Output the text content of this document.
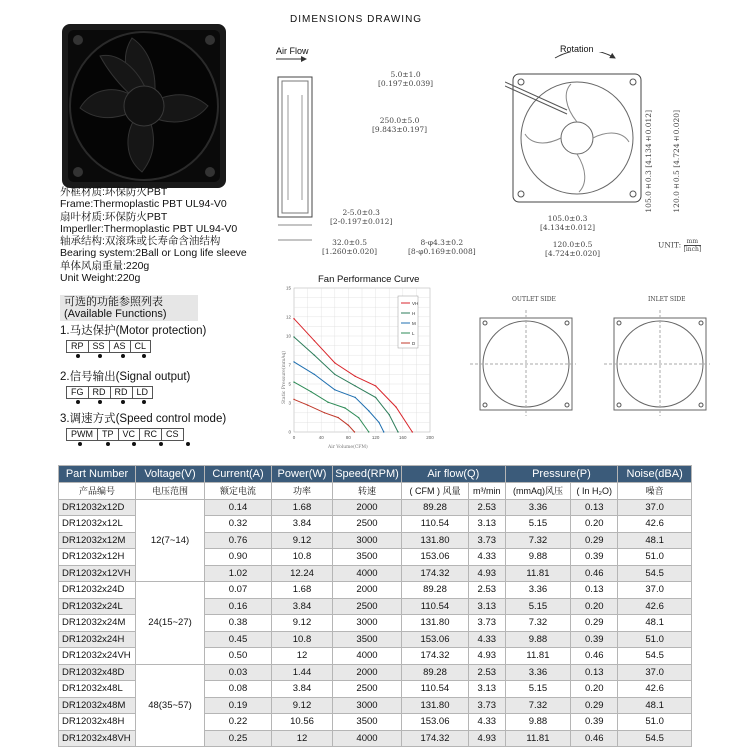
外框材质:环保防火PBT
Frame:Thermoplastic PBT UL94-V0
扇叶材质:环保防火PBT
Imperller:Thermoplastic PBT UL94-V0
轴承结构:双滚珠或长寿命含油结构
Bearing system:2Ball or Long life sleeve
单体风扇重量:220g
Unit Weight:220g
可选的功能参照列表
(Available Functions)
1.马达保护(Motor protection)
RP	SS	AS	CL
2.信号输出(Signal output)
FG	RD	RD	LD
3.调速方式(Speed control mode)
PWM	TP	VC	RC	CS
DIMENSIONS DRAWING
Air Flow	Rotation
5.0±1.0
[0.197±0.039]
250.0±5.0
[9.843±0.197]
2-5.0±0.3
[2-0.197±0.012]
32.0±0.5
[1.260±0.020]
8-φ4.3±0.2
[8-φ0.169±0.008]
105.0±0.3
[4.134±0.012]
120.0±0.5
[4.724±0.020]
105.0±0.3 [4.134±0.012]
120.0±0.5 [4.724±0.020]
UNIT: mm
[inch]
Fan Performance Curve
0	40	80	120	160	200
0
3
5
7
10
12
15
VH
H
M
L
D
Air Volume(CFM)
Static Pressure(mmAq)
OUTLET SIDE	INLET SIDE
Part Number	Voltage(V)	Current(A)	Power(W)	Speed(RPM)	Air flow(Q)		Pressure(P)		Noise(dBA)
产品编号	电压范围	额定电流	功率	转速	( CFM ) 风量	m³/min	(mmAq)风压	( In H₂O)	噪音
DR12032x12D	12(7~14)	0.14	1.68	2000	89.28	2.53	3.36	0.13	37.0
DR12032x12L		0.32	3.84	2500	110.54	3.13	5.15	0.20	42.6
DR12032x12M		0.76	9.12	3000	131.80	3.73	7.32	0.29	48.1
DR12032x12H		0.90	10.8	3500	153.06	4.33	9.88	0.39	51.0
DR12032x12VH		1.02	12.24	4000	174.32	4.93	11.81	0.46	54.5
DR12032x24D	24(15~27)	0.07	1.68	2000	89.28	2.53	3.36	0.13	37.0
DR12032x24L		0.16	3.84	2500	110.54	3.13	5.15	0.20	42.6
DR12032x24M		0.38	9.12	3000	131.80	3.73	7.32	0.29	48.1
DR12032x24H		0.45	10.8	3500	153.06	4.33	9.88	0.39	51.0
DR12032x24VH		0.50	12	4000	174.32	4.93	11.81	0.46	54.5
DR12032x48D	48(35~57)	0.03	1.44	2000	89.28	2.53	3.36	0.13	37.0
DR12032x48L		0.08	3.84	2500	110.54	3.13	5.15	0.20	42.6
DR12032x48M		0.19	9.12	3000	131.80	3.73	7.32	0.29	48.1
DR12032x48H		0.22	10.56	3500	153.06	4.33	9.88	0.39	51.0
DR12032x48VH		0.25	12	4000	174.32	4.93	11.81	0.46	54.5
